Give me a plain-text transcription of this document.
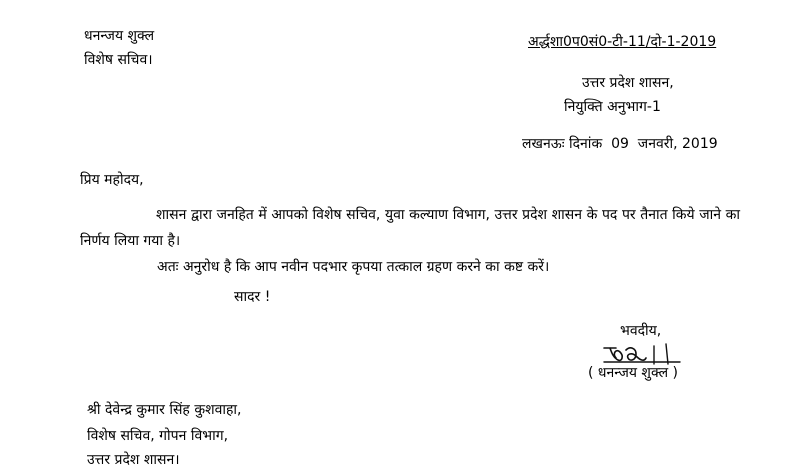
धनन्जय शुक्ल
विशेष सचिव।
अर्द्धशा0प0सं0-टी-11/दो-1-2019
उत्तर प्रदेश शासन,
नियुक्ति अनुभाग-1
लखनऊः दिनांक  09  जनवरी, 2019
प्रिय महोदय,
शासन द्वारा जनहित में आपको विशेष सचिव, युवा कल्याण विभाग, उत्तर प्रदेश शासन के पद पर तैनात किये जाने का निर्णय लिया गया है।
अतः अनुरोध है कि आप नवीन पदभार कृपया तत्काल ग्रहण करने का कष्ट करें।
सादर !
भवदीय,
( धनन्जय शुक्ल )
श्री देवेन्द्र कुमार सिंह कुशवाहा,
विशेष सचिव, गोपन विभाग,
उत्तर प्रदेश शासन।
